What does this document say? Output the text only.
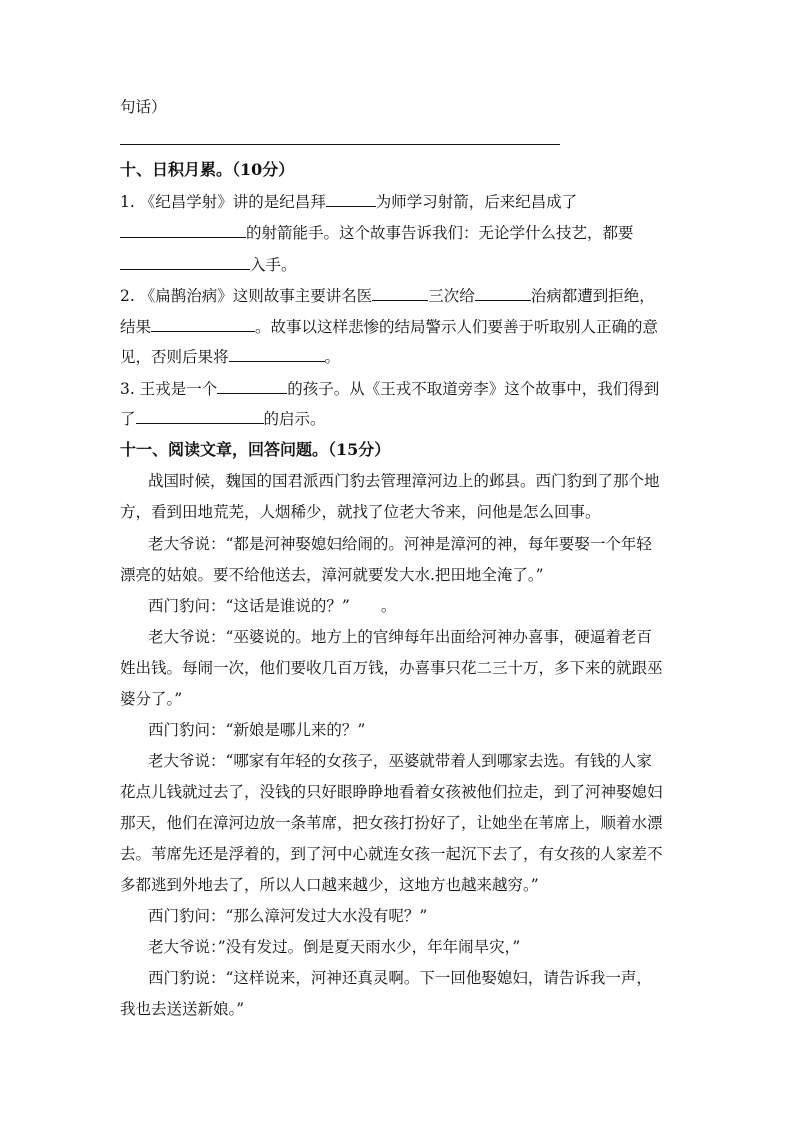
句话）
十、日积月累。（10分）
1. 《纪昌学射》讲的是纪昌拜	为师学习射箭，后来纪昌成了
的射箭能手。这个故事告诉我们：无论学什么技艺，都要
入手。
2. 《扁鹊治病》这则故事主要讲名医	三次给	治病都遭到拒绝，
结果	。故事以这样悲惨的结局警示人们要善于听取别人正确的意
见，否则后果将	。
3. 王戎是一个	的孩子。从《王戎不取道旁李》这个故事中，我们得到
了	的启示。
十一、阅读文章，回答问题。（15分）
战国时候，魏国的国君派西门豹去管理漳河边上的邺县。西门豹到了那个地
方，看到田地荒芜，人烟稀少，就找了位老大爷来，问他是怎么回事。
老大爷说：“都是河神娶媳妇给闹的。河神是漳河的神，每年要娶一个年轻
漂亮的姑娘。要不给他送去，漳河就要发大水.把田地全淹了。”
西门豹问：“这话是谁说的？”　　。
老大爷说：“巫婆说的。地方上的官绅每年出面给河神办喜事，硬逼着老百
姓出钱。每闹一次，他们要收几百万钱，办喜事只花二三十万，多下来的就跟巫
婆分了。”
西门豹问：“新娘是哪儿来的？”
老大爷说：“哪家有年轻的女孩子，巫婆就带着人到哪家去选。有钱的人家
花点儿钱就过去了，没钱的只好眼睁睁地看着女孩被他们拉走，到了河神娶媳妇
那天，他们在漳河边放一条苇席，把女孩打扮好了，让她坐在苇席上，顺着水漂
去。苇席先还是浮着的，到了河中心就连女孩一起沉下去了，有女孩的人家差不
多都逃到外地去了，所以人口越来越少，这地方也越来越穷。”
西门豹问：“那么漳河发过大水没有呢？”
老大爷说：”没有发过。倒是夏天雨水少，年年闹旱灾，”
西门豹说：“这样说来，河神还真灵啊。下一回他娶媳妇，请告诉我一声，
我也去送送新娘。”
